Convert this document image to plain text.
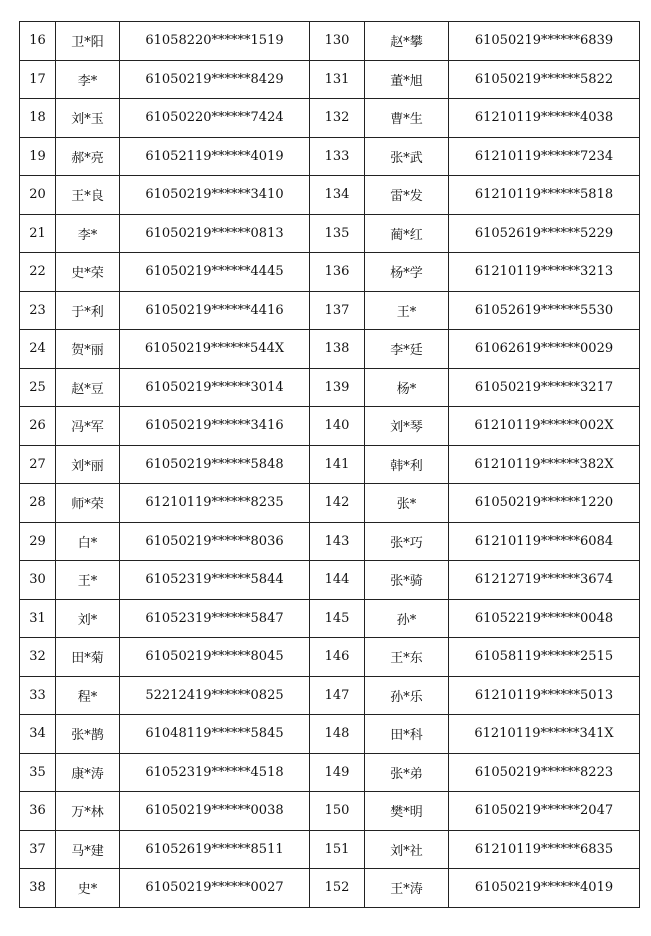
16	卫*阳	61058220******1519	130	赵*攀	61050219******6839
17	李*	61050219******8429	131	董*旭	61050219******5822
18	刘*玉	61050220******7424	132	曹*生	61210119******4038
19	郝*亮	61052119******4019	133	张*武	61210119******7234
20	王*良	61050219******3410	134	雷*发	61210119******5818
21	李*	61050219******0813	135	蔺*红	61052619******5229
22	史*荣	61050219******4445	136	杨*学	61210119******3213
23	于*利	61050219******4416	137	王*	61052619******5530
24	贺*丽	61050219******544X	138	李*廷	61062619******0029
25	赵*豆	61050219******3014	139	杨*	61050219******3217
26	冯*军	61050219******3416	140	刘*琴	61210119******002X
27	刘*丽	61050219******5848	141	韩*利	61210119******382X
28	师*荣	61210119******8235	142	张*	61050219******1220
29	白*	61050219******8036	143	张*巧	61210119******6084
30	王*	61052319******5844	144	张*骑	61212719******3674
31	刘*	61052319******5847	145	孙*	61052219******0048
32	田*菊	61050219******8045	146	王*东	61058119******2515
33	程*	52212419******0825	147	孙*乐	61210119******5013
34	张*鹊	61048119******5845	148	田*科	61210119******341X
35	康*涛	61052319******4518	149	张*弟	61050219******8223
36	万*林	61050219******0038	150	樊*明	61050219******2047
37	马*建	61052619******8511	151	刘*社	61210119******6835
38	史*	61050219******0027	152	王*涛	61050219******4019
